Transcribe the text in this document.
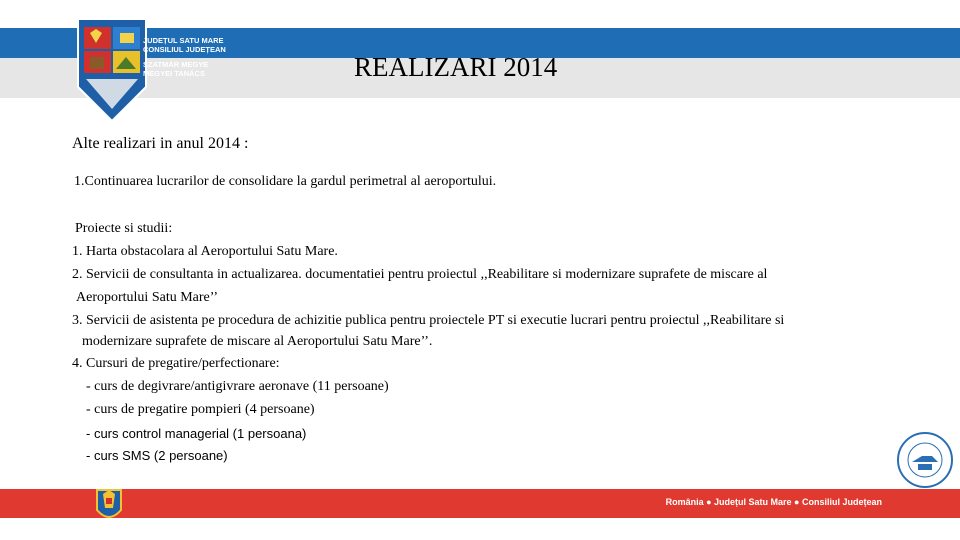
JUDEȚUL SATU MARE
CONSILIUL JUDEȚEAN
SZATMÁR MEGYE
MEGYEI TANÁCS	REALIZARI 2014
Alte realizari in anul 2014 :
1.Continuarea lucrarilor de consolidare la gardul perimetral al aeroportului.
Proiecte si studii:
1. Harta obstacolara al Aeroportului Satu Mare.
2. Servicii de consultanta in actualizarea. documentatiei pentru proiectul ,,Reabilitare si modernizare suprafete de miscare al
Aeroportului Satu Mare’’
3. Servicii de asistenta pe procedura de achizitie publica pentru proiectele PT si executie lucrari pentru proiectul ,,Reabilitare si
modernizare suprafete de miscare al Aeroportului Satu Mare’’.
4. Cursuri de pregatire/perfectionare:
- curs de degivrare/antigivrare aeronave (11 persoane)
- curs de pregatire pompieri (4 persoane)
- curs control managerial (1 persoana)
- curs SMS (2 persoane)
România ● Județul Satu Mare ● Consiliul Județean
